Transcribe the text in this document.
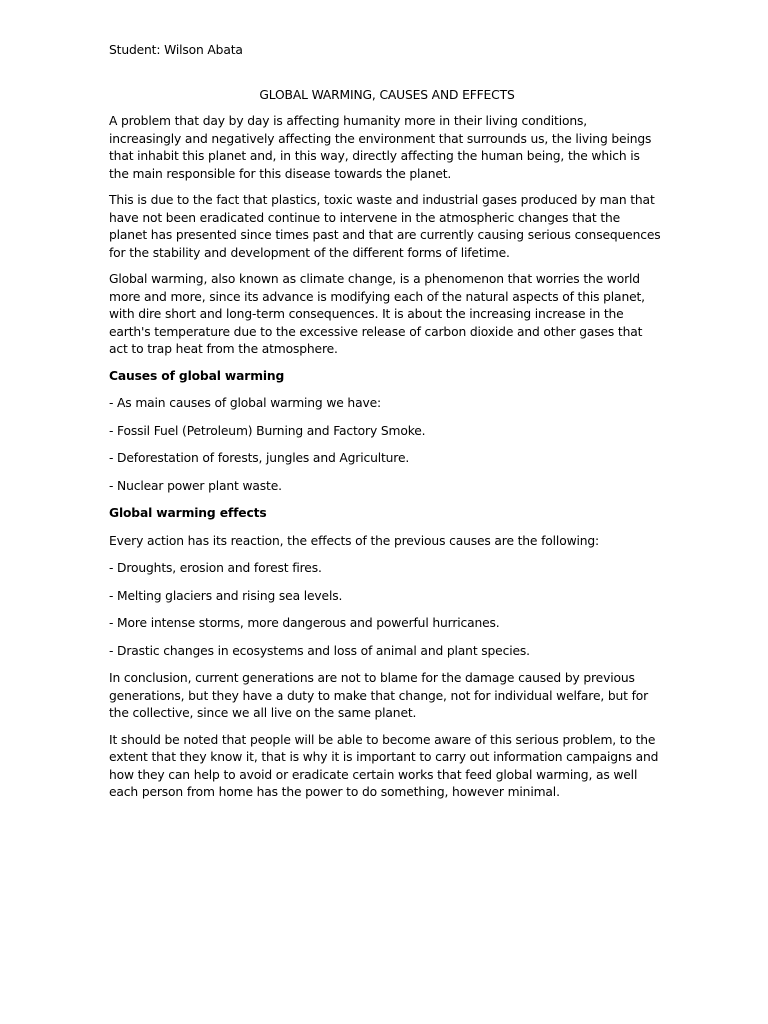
Student: Wilson Abata

GLOBAL WARMING, CAUSES AND EFFECTS

A problem that day by day is affecting humanity more in their living conditions, increasingly and negatively affecting the environment that surrounds us, the living beings that inhabit this planet and, in this way, directly affecting the human being, the which is the main responsible for this disease towards the planet.

This is due to the fact that plastics, toxic waste and industrial gases produced by man that have not been eradicated continue to intervene in the atmospheric changes that the planet has presented since times past and that are currently causing serious consequences for the stability and development of the different forms of lifetime.

Global warming, also known as climate change, is a phenomenon that worries the world more and more, since its advance is modifying each of the natural aspects of this planet, with dire short and long-term consequences. It is about the increasing increase in the earth's temperature due to the excessive release of carbon dioxide and other gases that act to trap heat from the atmosphere.

Causes of global warming

- As main causes of global warming we have:

- Fossil Fuel (Petroleum) Burning and Factory Smoke.

- Deforestation of forests, jungles and Agriculture.

- Nuclear power plant waste.

Global warming effects

Every action has its reaction, the effects of the previous causes are the following:

- Droughts, erosion and forest fires.

- Melting glaciers and rising sea levels.

- More intense storms, more dangerous and powerful hurricanes.

- Drastic changes in ecosystems and loss of animal and plant species.

In conclusion, current generations are not to blame for the damage caused by previous generations, but they have a duty to make that change, not for individual welfare, but for the collective, since we all live on the same planet.

It should be noted that people will be able to become aware of this serious problem, to the extent that they know it, that is why it is important to carry out information campaigns and how they can help to avoid or eradicate certain works that feed global warming, as well each person from home has the power to do something, however minimal.
